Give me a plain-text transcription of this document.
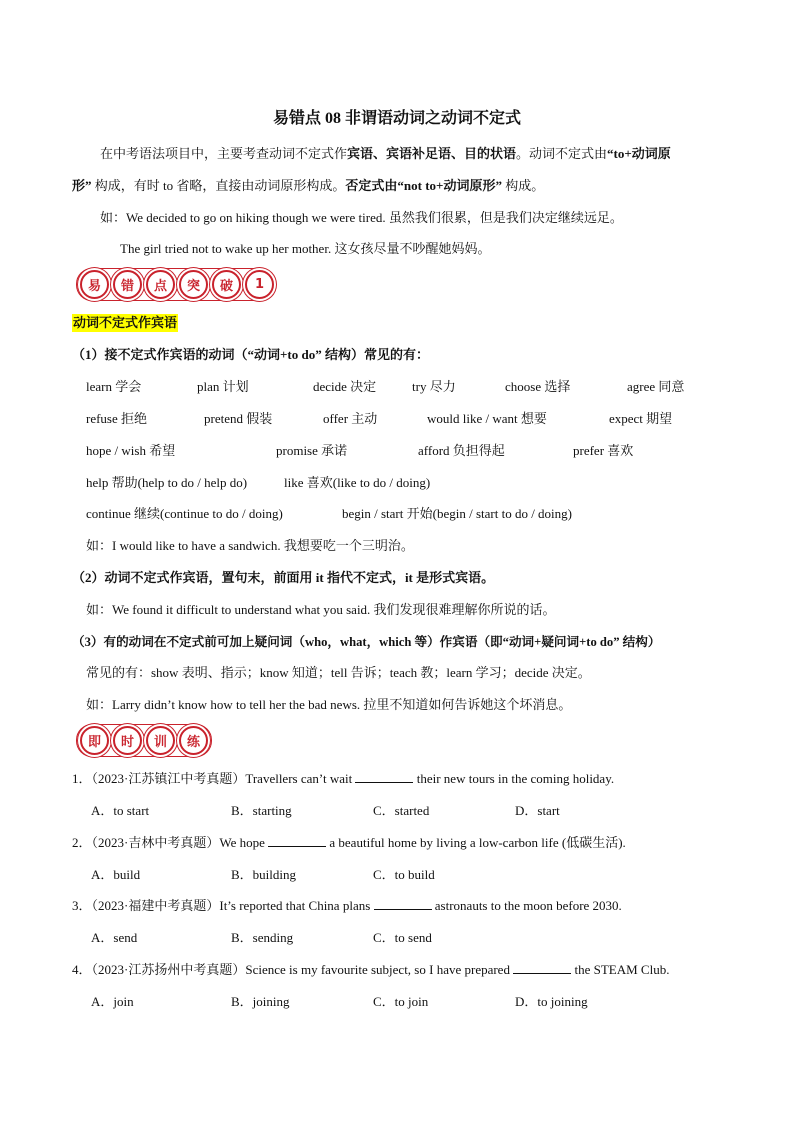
易错点 08 非谓语动词之动词不定式
在中考语法项目中，主要考查动词不定式作宾语、宾语补足语、目的状语。动词不定式由“to+动词原
形” 构成，有时 to 省略，直接由动词原形构成。否定式由“not to+动词原形” 构成。
如：We decided to go on hiking though we were tired. 虽然我们很累，但是我们决定继续远足。
The girl tried not to wake up her mother. 这女孩尽量不吵醒她妈妈。
易	错	点	突	破	1
动词不定式作宾语
（1）接不定式作宾语的动词（“动词+to do” 结构）常见的有：
learn 学会	plan 计划	decide 决定	try 尽力	choose 选择	agree 同意
refuse 拒绝	pretend 假装	offer 主动	would like / want 想要	expect 期望
hope / wish 希望	promise 承诺	afford 负担得起	prefer 喜欢
help 帮助(help to do / help do)	like 喜欢(like to do / doing)
continue 继续(continue to do / doing)	begin / start 开始(begin / start to do / doing)
如：I would like to have a sandwich. 我想要吃一个三明治。
（2）动词不定式作宾语，置句末，前面用 it 指代不定式，it 是形式宾语。
如：We found it difficult to understand what you said. 我们发现很难理解你所说的话。
（3）有的动词在不定式前可加上疑问词（who，what，which 等）作宾语（即“动词+疑问词+to do” 结构）
常见的有：show 表明、指示；know 知道；tell 告诉；teach 教；learn 学习；decide 决定。
如：Larry didn’t know how to tell her the bad news. 拉里不知道如何告诉她这个坏消息。
即	时	训	练
1．（2023·江苏镇江中考真题）Travellers can’t wait	their new tours in the coming holiday.
A．to start	B．starting	C．started	D．start
2．（2023·吉林中考真题）We hope	a beautiful home by living a low-carbon life (低碳生活).
A．build	B．building	C．to build
3．（2023·福建中考真题）It’s reported that China plans	astronauts to the moon before 2030.
A．send	B．sending	C．to send
4．（2023·江苏扬州中考真题）Science is my favourite subject, so I have prepared	the STEAM Club.
A．join	B．joining	C．to join	D．to joining
